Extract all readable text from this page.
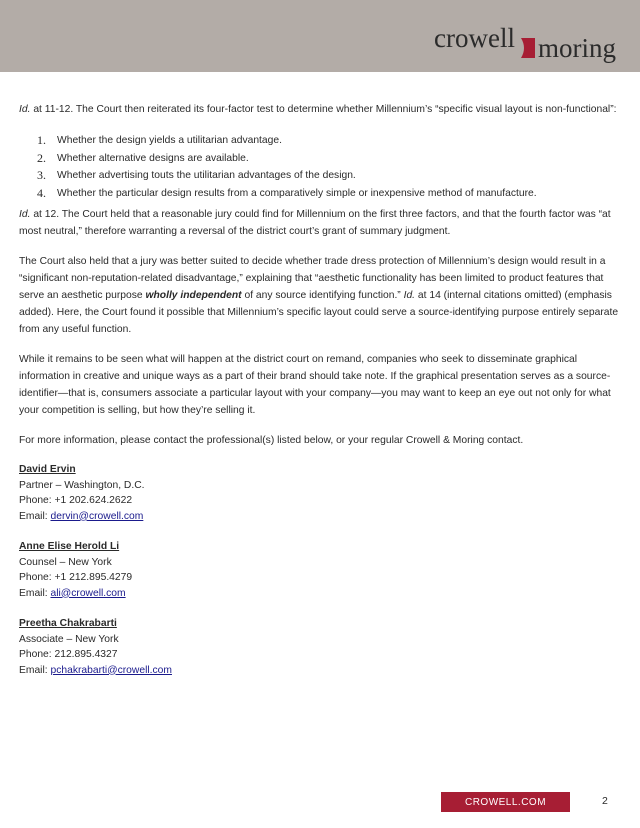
crowell moring

Id. at 11-12. The Court then reiterated its four-factor test to determine whether Millennium’s “specific visual layout is non-functional”:

1.	Whether the design yields a utilitarian advantage.
2.	Whether alternative designs are available.
3.	Whether advertising touts the utilitarian advantages of the design.
4.	Whether the particular design results from a comparatively simple or inexpensive method of manufacture.

Id. at 12. The Court held that a reasonable jury could find for Millennium on the first three factors, and that the fourth factor was “at most neutral,” therefore warranting a reversal of the district court’s grant of summary judgment.

The Court also held that a jury was better suited to decide whether trade dress protection of Millennium’s design would result in a “significant non-reputation-related disadvantage,” explaining that “aesthetic functionality has been limited to product features that serve an aesthetic purpose wholly independent of any source identifying function.” Id. at 14 (internal citations omitted) (emphasis added). Here, the Court found it possible that Millennium’s specific layout could serve a source-identifying purpose entirely separate from any useful function.

While it remains to be seen what will happen at the district court on remand, companies who seek to disseminate graphical information in creative and unique ways as a part of their brand should take note. If the graphical presentation serves as a source-identifier—that is, consumers associate a particular layout with your company—you may want to keep an eye out not only for what your competition is selling, but how they’re selling it.

For more information, please contact the professional(s) listed below, or your regular Crowell & Moring contact.

David Ervin
Partner – Washington, D.C.
Phone: +1 202.624.2622
Email: dervin@crowell.com
Anne Elise Herold Li
Counsel – New York
Phone: +1 212.895.4279
Email: ali@crowell.com
Preetha Chakrabarti
Associate – New York
Phone: 212.895.4327
Email: pchakrabarti@crowell.com
CROWELL.COM	2
